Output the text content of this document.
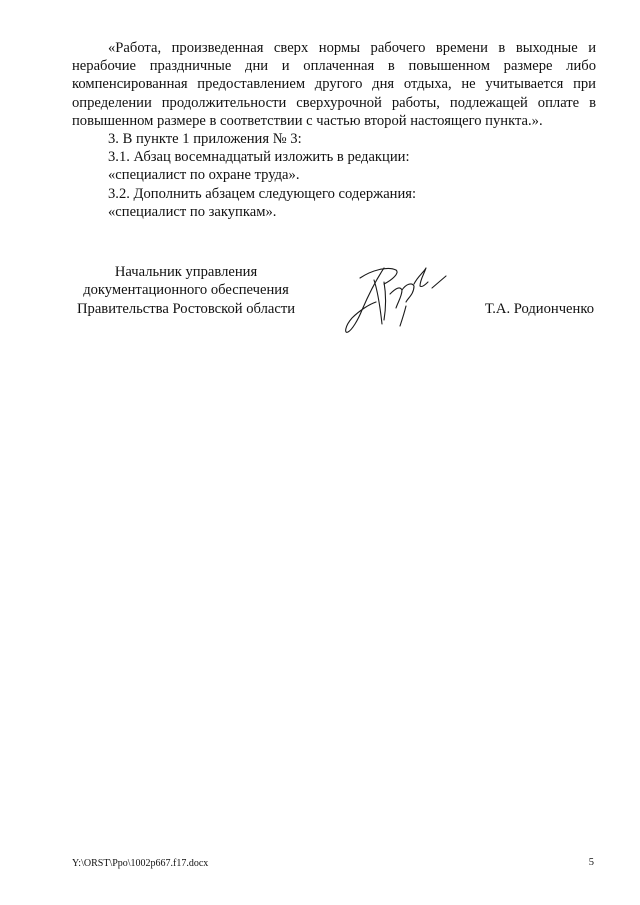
«Работа, произведенная сверх нормы рабочего времени в выходные и нерабочие праздничные дни и оплаченная в повышенном размере либо компенсированная предоставлением другого дня отдыха, не учитывается при определении продолжительности сверхурочной работы, подлежащей оплате в повышенном размере в соответствии с частью второй настоящего пункта.».

3. В пункте 1 приложения № 3:

3.1. Абзац восемнадцатый изложить в редакции:

«специалист по охране труда».

3.2. Дополнить абзацем следующего содержания:

«специалист по закупкам».

Начальник управления
документационного обеспечения
Правительства Ростовской области	Т.А. Родионченко
Y:\ORST\Ppo\1002p667.f17.docx	5
